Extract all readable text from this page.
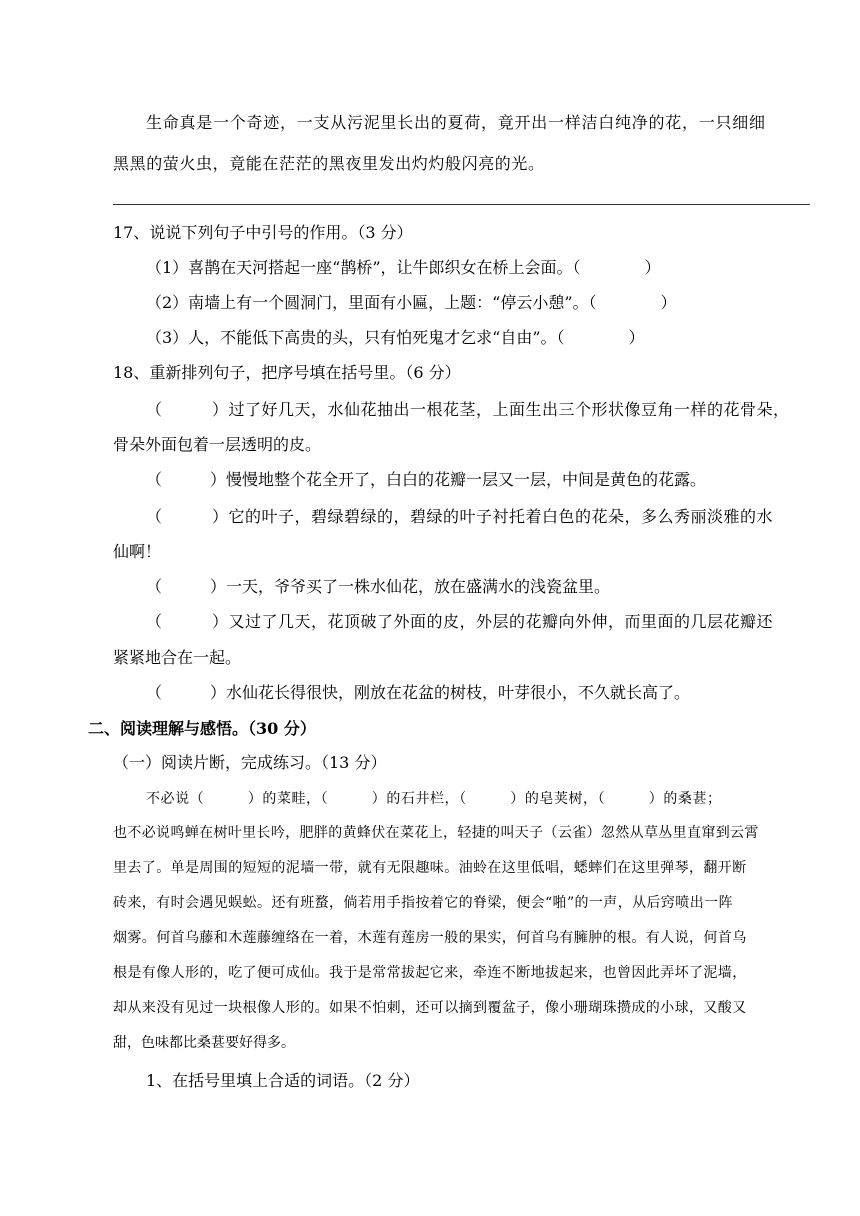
生命真是一个奇迹，一支从污泥里长出的夏荷，竟开出一样洁白纯净的花，一只细细
黑黑的萤火虫，竟能在茫茫的黑夜里发出灼灼般闪亮的光。
17、说说下列句子中引号的作用。（3 分）
（1）喜鹊在天河搭起一座“鹊桥”，让牛郎织女在桥上会面。（　　　　）
（2）南墙上有一个圆洞门，里面有小匾，上题：“停云小憩”。（　　　　）
（3）人，不能低下高贵的头，只有怕死鬼才乞求“自由”。（　　　　）
18、重新排列句子，把序号填在括号里。（6 分）
（　　　）过了好几天，水仙花抽出一根花茎，上面生出三个形状像豆角一样的花骨朵，
骨朵外面包着一层透明的皮。
（　　　）慢慢地整个花全开了，白白的花瓣一层又一层，中间是黄色的花露。
（　　　）它的叶子，碧绿碧绿的，碧绿的叶子衬托着白色的花朵，多么秀丽淡雅的水
仙啊！
（　　　）一天，爷爷买了一株水仙花，放在盛满水的浅瓷盆里。
（　　　）又过了几天，花顶破了外面的皮，外层的花瓣向外伸，而里面的几层花瓣还
紧紧地合在一起。
（　　　）水仙花长得很快，刚放在花盆的树枝，叶芽很小，不久就长高了。
二、阅读理解与感悟。（30 分）
（一）阅读片断，完成练习。（13 分）
不必说（　　　）的菜畦，（　　　）的石井栏，（　　　）的皂荚树，（　　　）的桑葚；
也不必说鸣蝉在树叶里长吟，肥胖的黄蜂伏在菜花上，轻捷的叫天子（云雀）忽然从草丛里直窜到云霄
里去了。单是周围的短短的泥墙一带，就有无限趣味。油蛉在这里低唱，蟋蟀们在这里弹琴，翻开断
砖来，有时会遇见蜈蚣。还有班蝥，倘若用手指按着它的脊梁，便会“啪”的一声，从后窍喷出一阵
烟雾。何首乌藤和木莲藤缠络在一着，木莲有莲房一般的果实，何首乌有臃肿的根。有人说，何首乌
根是有像人形的，吃了便可成仙。我于是常常拔起它来，牵连不断地拔起来，也曾因此弄坏了泥墙，
却从来没有见过一块根像人形的。如果不怕刺，还可以摘到覆盆子，像小珊瑚珠攒成的小球，又酸又
甜，色味都比桑葚要好得多。
1、在括号里填上合适的词语。（2 分）
